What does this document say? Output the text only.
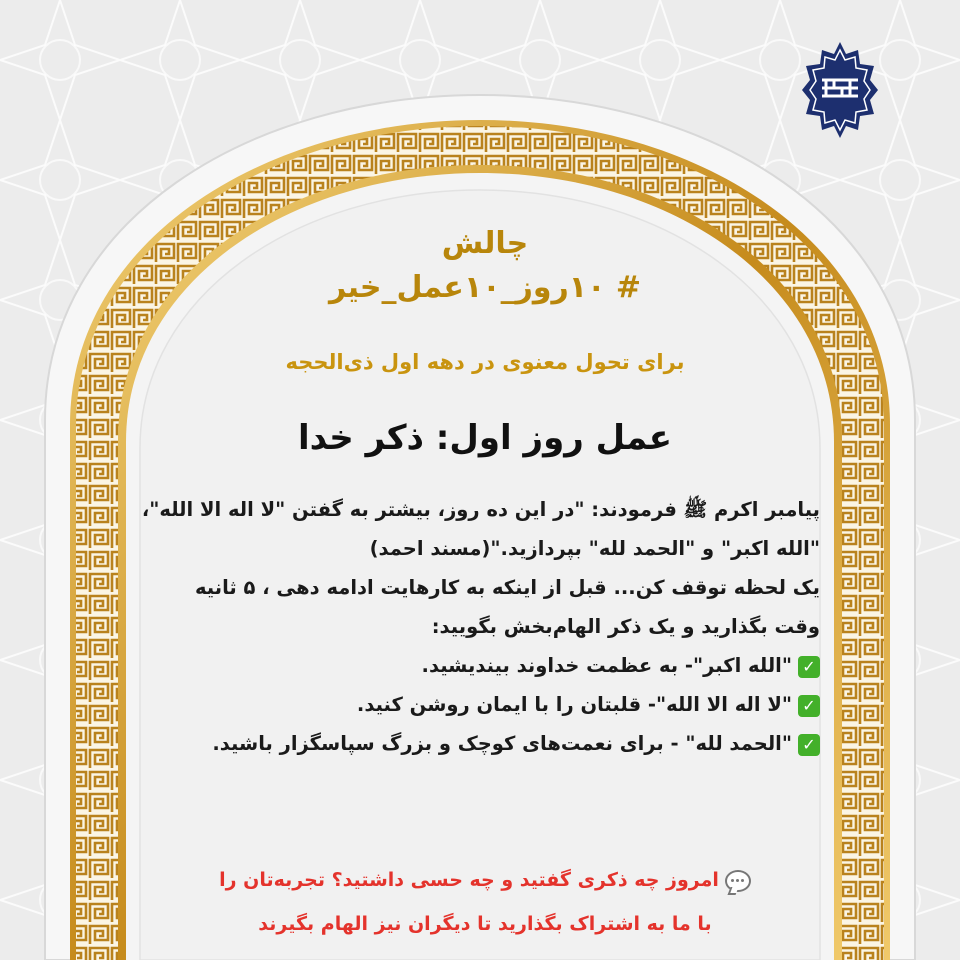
چالش
# ۱۰روز_۱۰عمل_خیر
برای تحول معنوی در دهه اول ذی‌الحجه
عمل روز اول: ذکر خدا
پیامبر اکرم ﷺ فرمودند: "در این ده روز، بیشتر به گفتن "لا اله الا الله"،
"الله اکبر" و "الحمد لله" بپردازید."(مسند احمد)
یک لحظه توقف کن... قبل از اینکه به کارهایت ادامه دهی ، ۵ ثانیه
وقت بگذارید و یک ذکر الهام‌بخش بگویید:
✓"الله اکبر"- به عظمت خداوند بیندیشید.
✓"لا اله الا الله"- قلبتان را با ایمان روشن کنید.
✓"الحمد لله" - برای نعمت‌های کوچک و بزرگ سپاسگزار باشید.
امروز چه ذکری گفتید و چه حسی داشتید؟ تجربه‌تان را
با ما به اشتراک بگذارید تا دیگران نیز الهام بگیرند
